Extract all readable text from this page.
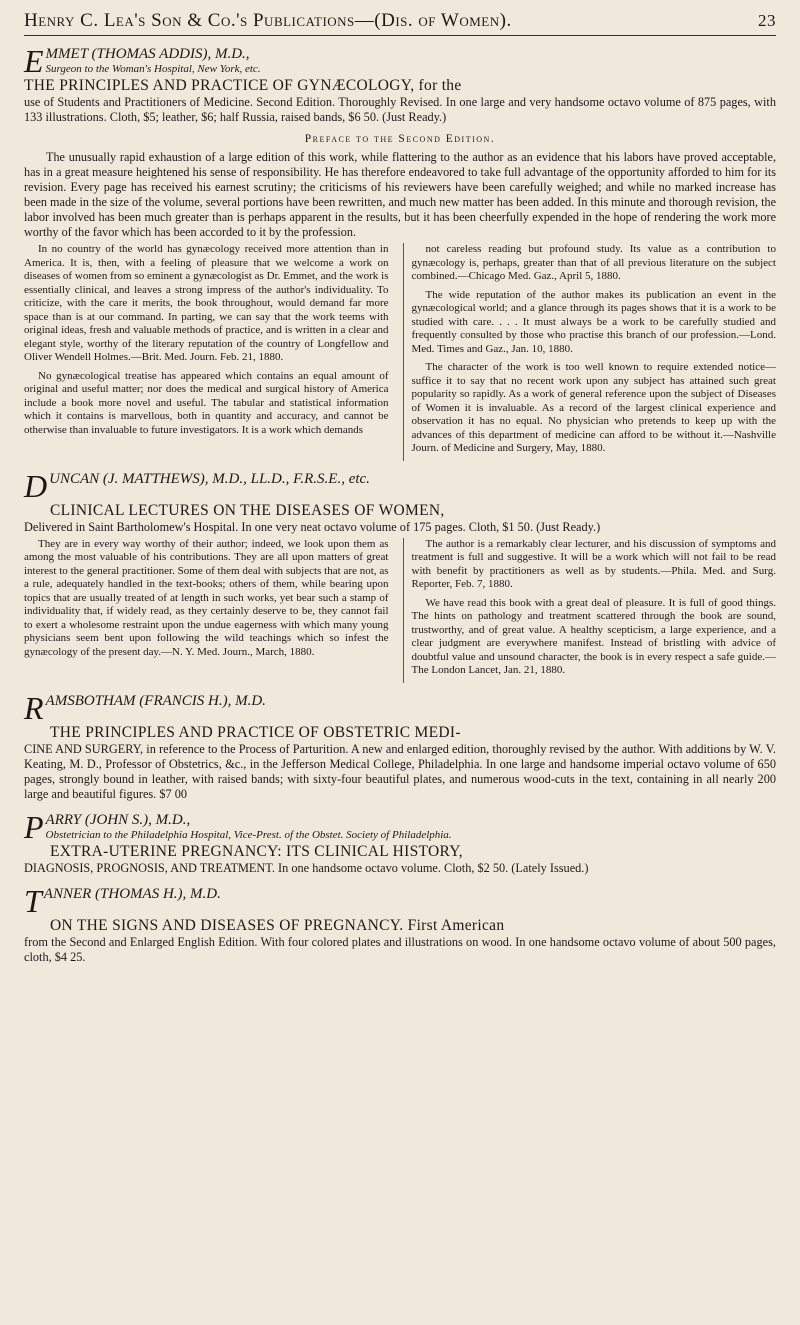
Henry C. Lea's Son & Co.'s Publications—(Dis. of Women).	23
EMMET (THOMAS ADDIS), M.D.,
Surgeon to the Woman's Hospital, New York, etc.
THE PRINCIPLES AND PRACTICE OF GYNÆCOLOGY, for the
use of Students and Practitioners of Medicine. Second Edition. Thoroughly Revised. In one large and very handsome octavo volume of 875 pages, with 133 illustrations. Cloth, $5; leather, $6; half Russia, raised bands, $6 50. (Just Ready.)
Preface to the Second Edition.
The unusually rapid exhaustion of a large edition of this work, while flattering to the author as an evidence that his labors have proved acceptable, has in a great measure heightened his sense of responsibility. He has therefore endeavored to take full advantage of the opportunity afforded to him for its revision. Every page has received his earnest scrutiny; the criticisms of his reviewers have been carefully weighed; and while no marked increase has been made in the size of the volume, several portions have been rewritten, and much new matter has been added. In this minute and thorough revision, the labor involved has been much greater than is perhaps apparent in the results, but it has been cheerfully expended in the hope of rendering the work more worthy of the favor which has been accorded to it by the profession.

In no country of the world has gynæcology received more attention than in America. It is, then, with a feeling of pleasure that we welcome a work on diseases of women from so eminent a gynæcologist as Dr. Emmet, and the work is essentially clinical, and leaves a strong impress of the author's individuality. To criticize, with the care it merits, the book throughout, would demand far more space than is at our command. In parting, we can say that the work teems with original ideas, fresh and valuable methods of practice, and is written in a clear and elegant style, worthy of the literary reputation of the country of Longfellow and Oliver Wendell Holmes.—Brit. Med. Journ. Feb. 21, 1880.

No gynæcological treatise has appeared which contains an equal amount of original and useful matter; nor does the medical and surgical history of America include a book more novel and useful. The tabular and statistical information which it contains is marvellous, both in quantity and accuracy, and cannot be otherwise than invaluable to future investigators. It is a work which demands

not careless reading but profound study. Its value as a contribution to gynæcology is, perhaps, greater than that of all previous literature on the subject combined.—Chicago Med. Gaz., April 5, 1880.

The wide reputation of the author makes its publication an event in the gynæcological world; and a glance through its pages shows that it is a work to be studied with care. . . . It must always be a work to be carefully studied and frequently consulted by those who practise this branch of our profession.—Lond. Med. Times and Gaz., Jan. 10, 1880.

The character of the work is too well known to require extended notice—suffice it to say that no recent work upon any subject has attained such great popularity so rapidly. As a work of general reference upon the subject of Diseases of Women it is invaluable. As a record of the largest clinical experience and observation it has no equal. No physician who pretends to keep up with the advances of this department of medicine can afford to be without it.—Nashville Journ. of Medicine and Surgery, May, 1880.

DUNCAN (J. MATTHEWS), M.D., LL.D., F.R.S.E., etc.
CLINICAL LECTURES ON THE DISEASES OF WOMEN,
Delivered in Saint Bartholomew's Hospital. In one very neat octavo volume of 175 pages. Cloth, $1 50. (Just Ready.)

They are in every way worthy of their author; indeed, we look upon them as among the most valuable of his contributions. They are all upon matters of great interest to the general practitioner. Some of them deal with subjects that are not, as a rule, adequately handled in the text-books; others of them, while bearing upon topics that are usually treated of at length in such works, yet bear such a stamp of individuality that, if widely read, as they certainly deserve to be, they cannot fail to exert a wholesome restraint upon the undue eagerness with which many young physicians seem bent upon following the wild teachings which so infest the gynæcology of the present day.—N. Y. Med. Journ., March, 1880.

The author is a remarkably clear lecturer, and his discussion of symptoms and treatment is full and suggestive. It will be a work which will not fail to be read with benefit by practitioners as well as by students.—Phila. Med. and Surg. Reporter, Feb. 7, 1880.

We have read this book with a great deal of pleasure. It is full of good things. The hints on pathology and treatment scattered through the book are sound, trustworthy, and of great value. A healthy scepticism, a large experience, and a clear judgment are everywhere manifest. Instead of bristling with advice of doubtful value and unsound character, the book is in every respect a safe guide.—The London Lancet, Jan. 21, 1880.

RAMSBOTHAM (FRANCIS H.), M.D.
THE PRINCIPLES AND PRACTICE OF OBSTETRIC MEDI-
CINE AND SURGERY, in reference to the Process of Parturition. A new and enlarged edition, thoroughly revised by the author. With additions by W. V. Keating, M. D., Professor of Obstetrics, &c., in the Jefferson Medical College, Philadelphia. In one large and handsome imperial octavo volume of 650 pages, strongly bound in leather, with raised bands; with sixty-four beautiful plates, and numerous wood-cuts in the text, containing in all nearly 200 large and beautiful figures. $7 00
PARRY (JOHN S.), M.D.,
Obstetrician to the Philadelphia Hospital, Vice-Prest. of the Obstet. Society of Philadelphia.
EXTRA-UTERINE PREGNANCY: ITS CLINICAL HISTORY,
DIAGNOSIS, PROGNOSIS, AND TREATMENT. In one handsome octavo volume. Cloth, $2 50. (Lately Issued.)
TANNER (THOMAS H.), M.D.
ON THE SIGNS AND DISEASES OF PREGNANCY. First American
from the Second and Enlarged English Edition. With four colored plates and illustrations on wood. In one handsome octavo volume of about 500 pages, cloth, $4 25.
